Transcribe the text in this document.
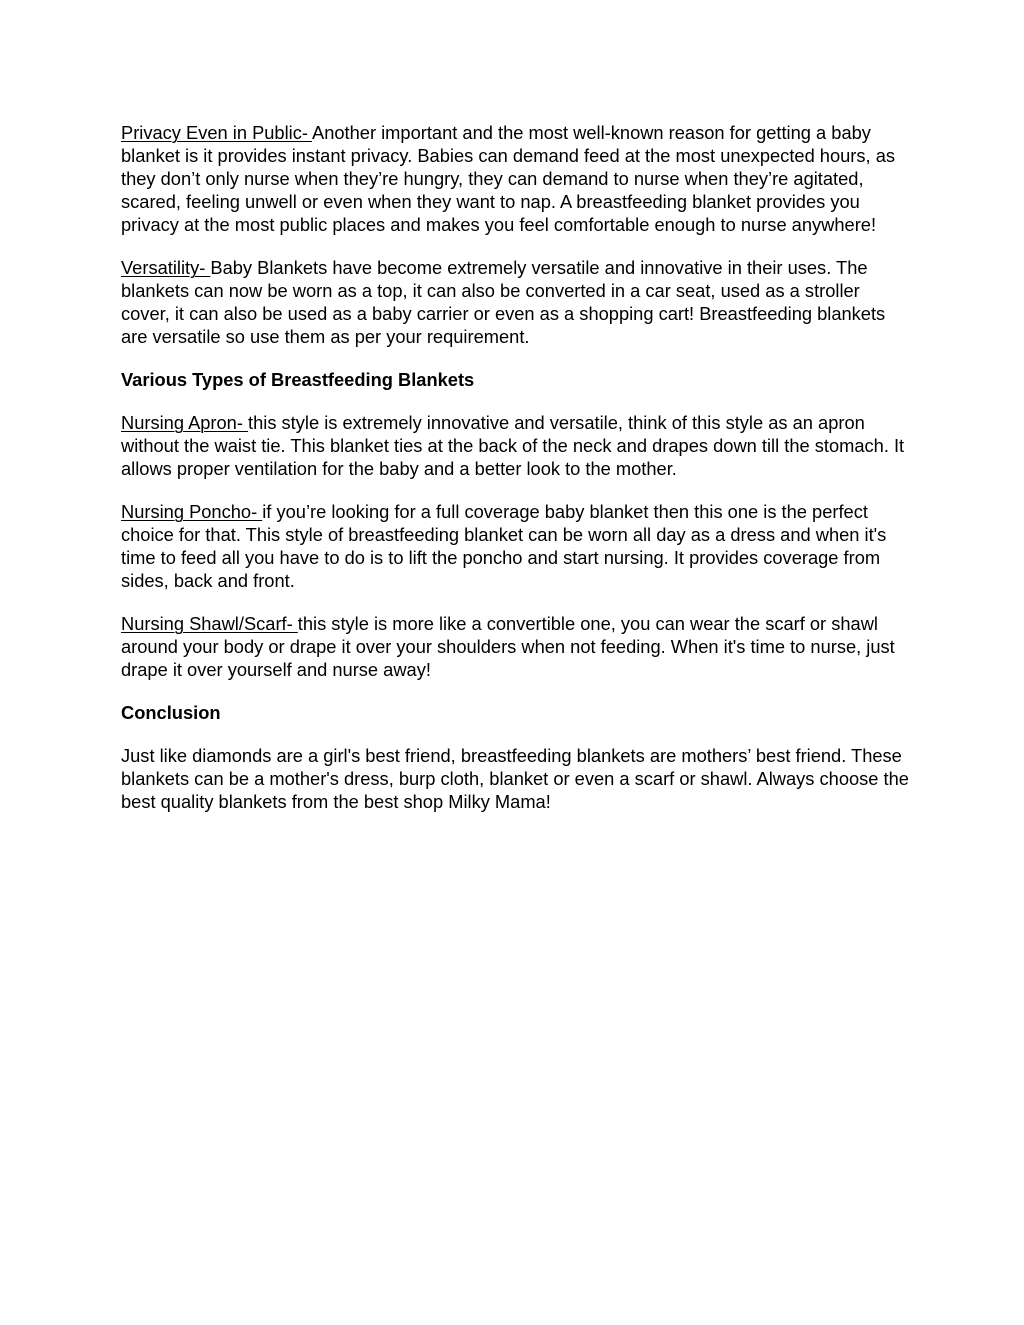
Privacy Even in Public- Another important and the most well-known reason for getting a baby blanket is it provides instant privacy. Babies can demand feed at the most unexpected hours, as they don’t only nurse when they’re hungry, they can demand to nurse when they’re agitated, scared, feeling unwell or even when they want to nap. A breastfeeding blanket provides you privacy at the most public places and makes you feel comfortable enough to nurse anywhere!

Versatility- Baby Blankets have become extremely versatile and innovative in their uses. The blankets can now be worn as a top, it can also be converted in a car seat, used as a stroller cover, it can also be used as a baby carrier or even as a shopping cart! Breastfeeding blankets are versatile so use them as per your requirement.

Various Types of Breastfeeding Blankets

Nursing Apron- this style is extremely innovative and versatile, think of this style as an apron without the waist tie. This blanket ties at the back of the neck and drapes down till the stomach. It allows proper ventilation for the baby and a better look to the mother.

Nursing Poncho- if you’re looking for a full coverage baby blanket then this one is the perfect choice for that. This style of breastfeeding blanket can be worn all day as a dress and when it's time to feed all you have to do is to lift the poncho and start nursing. It provides coverage from sides, back and front.

Nursing Shawl/Scarf- this style is more like a convertible one, you can wear the scarf or shawl around your body or drape it over your shoulders when not feeding. When it's time to nurse, just drape it over yourself and nurse away!

Conclusion

Just like diamonds are a girl's best friend, breastfeeding blankets are mothers’ best friend. These blankets can be a mother's dress, burp cloth, blanket or even a scarf or shawl. Always choose the best quality blankets from the best shop Milky Mama!
